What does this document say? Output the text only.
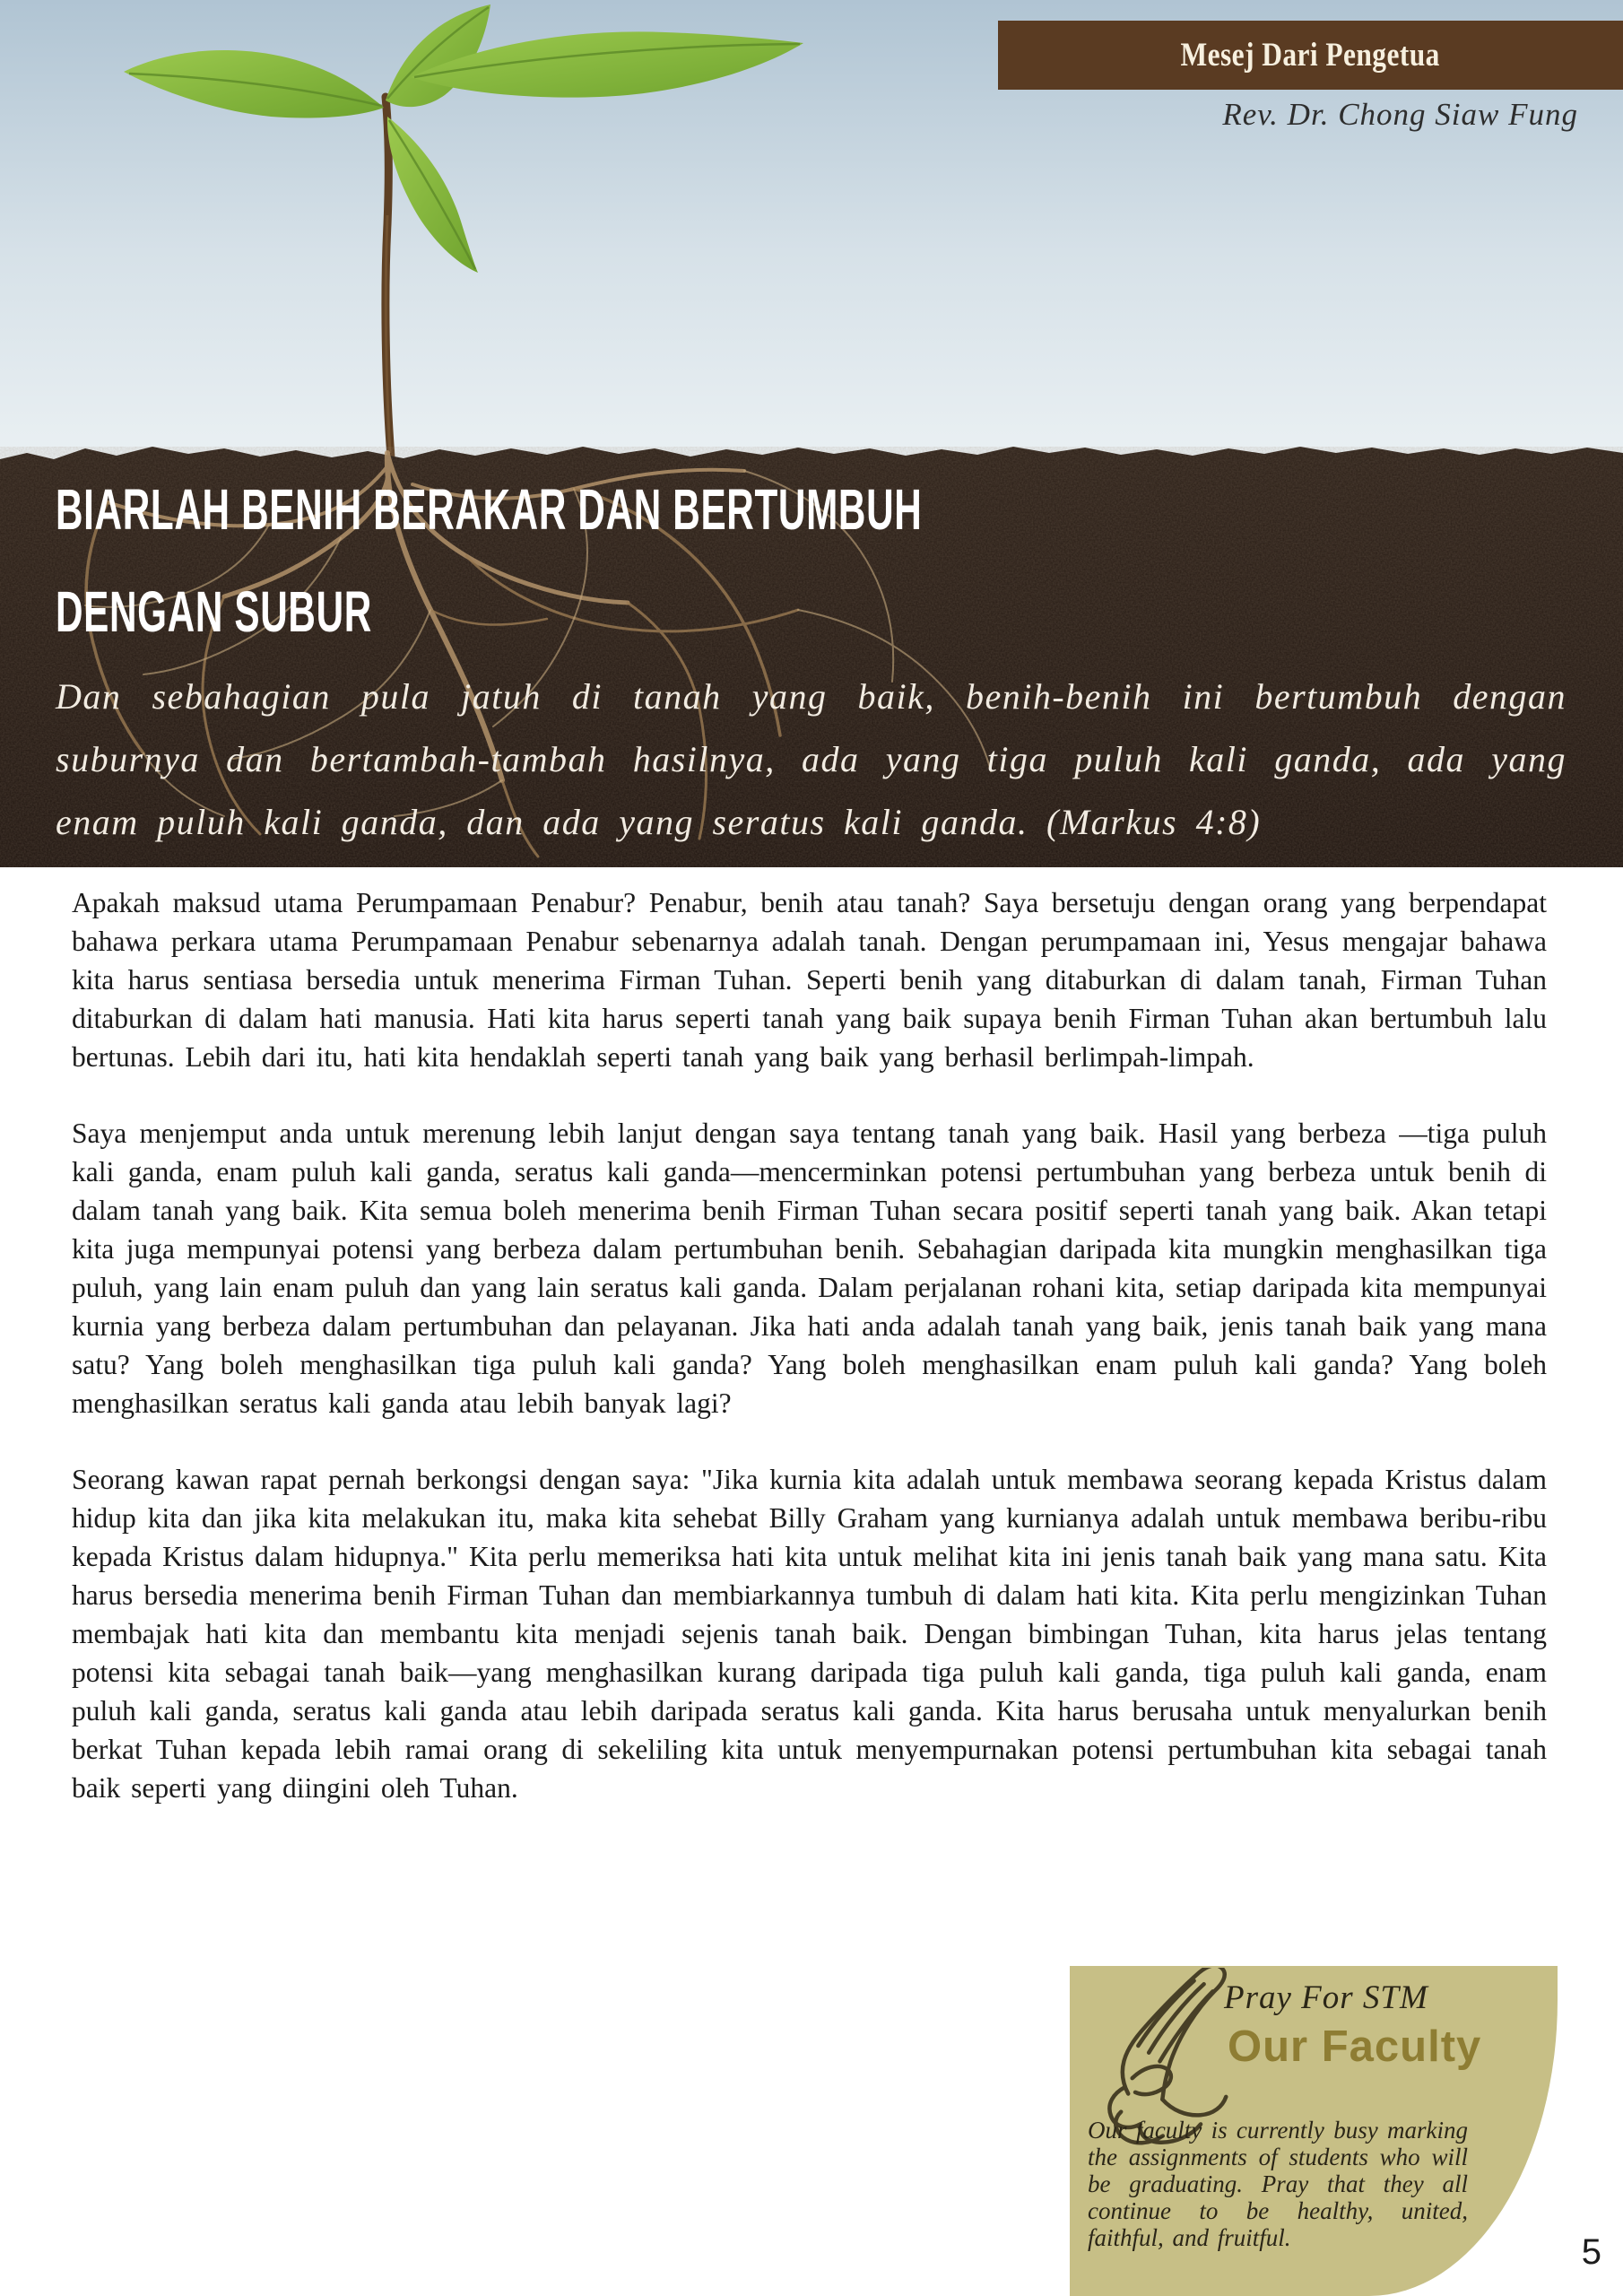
Mesej Dari Pengetua
Rev. Dr. Chong Siaw Fung
BIARLAH BENIH BERAKAR DAN BERTUMBUH
DENGAN SUBUR
Dan sebahagian pula jatuh di tanah yang baik, benih-benih ini bertumbuh dengan suburnya dan bertambah-tambah hasilnya, ada yang tiga puluh kali ganda, ada yang enam puluh kali ganda, dan ada yang seratus kali ganda. (Markus 4:8)

Apakah maksud utama Perumpamaan Penabur? Penabur, benih atau tanah? Saya bersetuju dengan orang yang berpendapat bahawa perkara utama Perumpamaan Penabur sebenarnya adalah tanah. Dengan perumpamaan ini, Yesus mengajar bahawa kita harus sentiasa bersedia untuk menerima Firman Tuhan. Seperti benih yang ditaburkan di dalam tanah, Firman Tuhan ditaburkan di dalam hati manusia. Hati kita harus seperti tanah yang baik supaya benih Firman Tuhan akan bertumbuh lalu bertunas. Lebih dari itu, hati kita hendaklah seperti tanah yang baik yang berhasil berlimpah-limpah.

Saya menjemput anda untuk merenung lebih lanjut dengan saya tentang tanah yang baik. Hasil yang berbeza —tiga puluh kali ganda, enam puluh kali ganda, seratus kali ganda—mencerminkan potensi pertumbuhan yang berbeza untuk benih di dalam tanah yang baik. Kita semua boleh menerima benih Firman Tuhan secara positif seperti tanah yang baik. Akan tetapi kita juga mempunyai potensi yang berbeza dalam pertumbuhan benih. Sebahagian daripada kita mungkin menghasilkan tiga puluh, yang lain enam puluh dan yang lain seratus kali ganda. Dalam perjalanan rohani kita, setiap daripada kita mempunyai kurnia yang berbeza dalam pertumbuhan dan pelayanan. Jika hati anda adalah tanah yang baik, jenis tanah baik yang mana satu? Yang boleh menghasilkan tiga puluh kali ganda? Yang boleh menghasilkan enam puluh kali ganda? Yang boleh menghasilkan seratus kali ganda atau lebih banyak lagi?

Seorang kawan rapat pernah berkongsi dengan saya: "Jika kurnia kita adalah untuk membawa seorang kepada Kristus dalam hidup kita dan jika kita melakukan itu, maka kita sehebat Billy Graham yang kurnianya adalah untuk membawa beribu-ribu kepada Kristus dalam hidupnya." Kita perlu memeriksa hati kita untuk melihat kita ini jenis tanah baik yang mana satu. Kita harus bersedia menerima benih Firman Tuhan dan membiarkannya tumbuh di dalam hati kita. Kita perlu mengizinkan Tuhan membajak hati kita dan membantu kita menjadi sejenis tanah baik. Dengan bimbingan Tuhan, kita harus jelas tentang potensi kita sebagai tanah baik—yang menghasilkan kurang daripada tiga puluh kali ganda, tiga puluh kali ganda, enam puluh kali ganda, seratus kali ganda atau lebih daripada seratus kali ganda. Kita harus berusaha untuk menyalurkan benih berkat Tuhan kepada lebih ramai orang di sekeliling kita untuk menyempurnakan potensi pertumbuhan kita sebagai tanah baik seperti yang diingini oleh Tuhan.

Pray For STM
Our Faculty
Our faculty is currently busy marking the assignments of students who will be graduating. Pray that they all continue to be healthy, united, faithful, and fruitful.	5
